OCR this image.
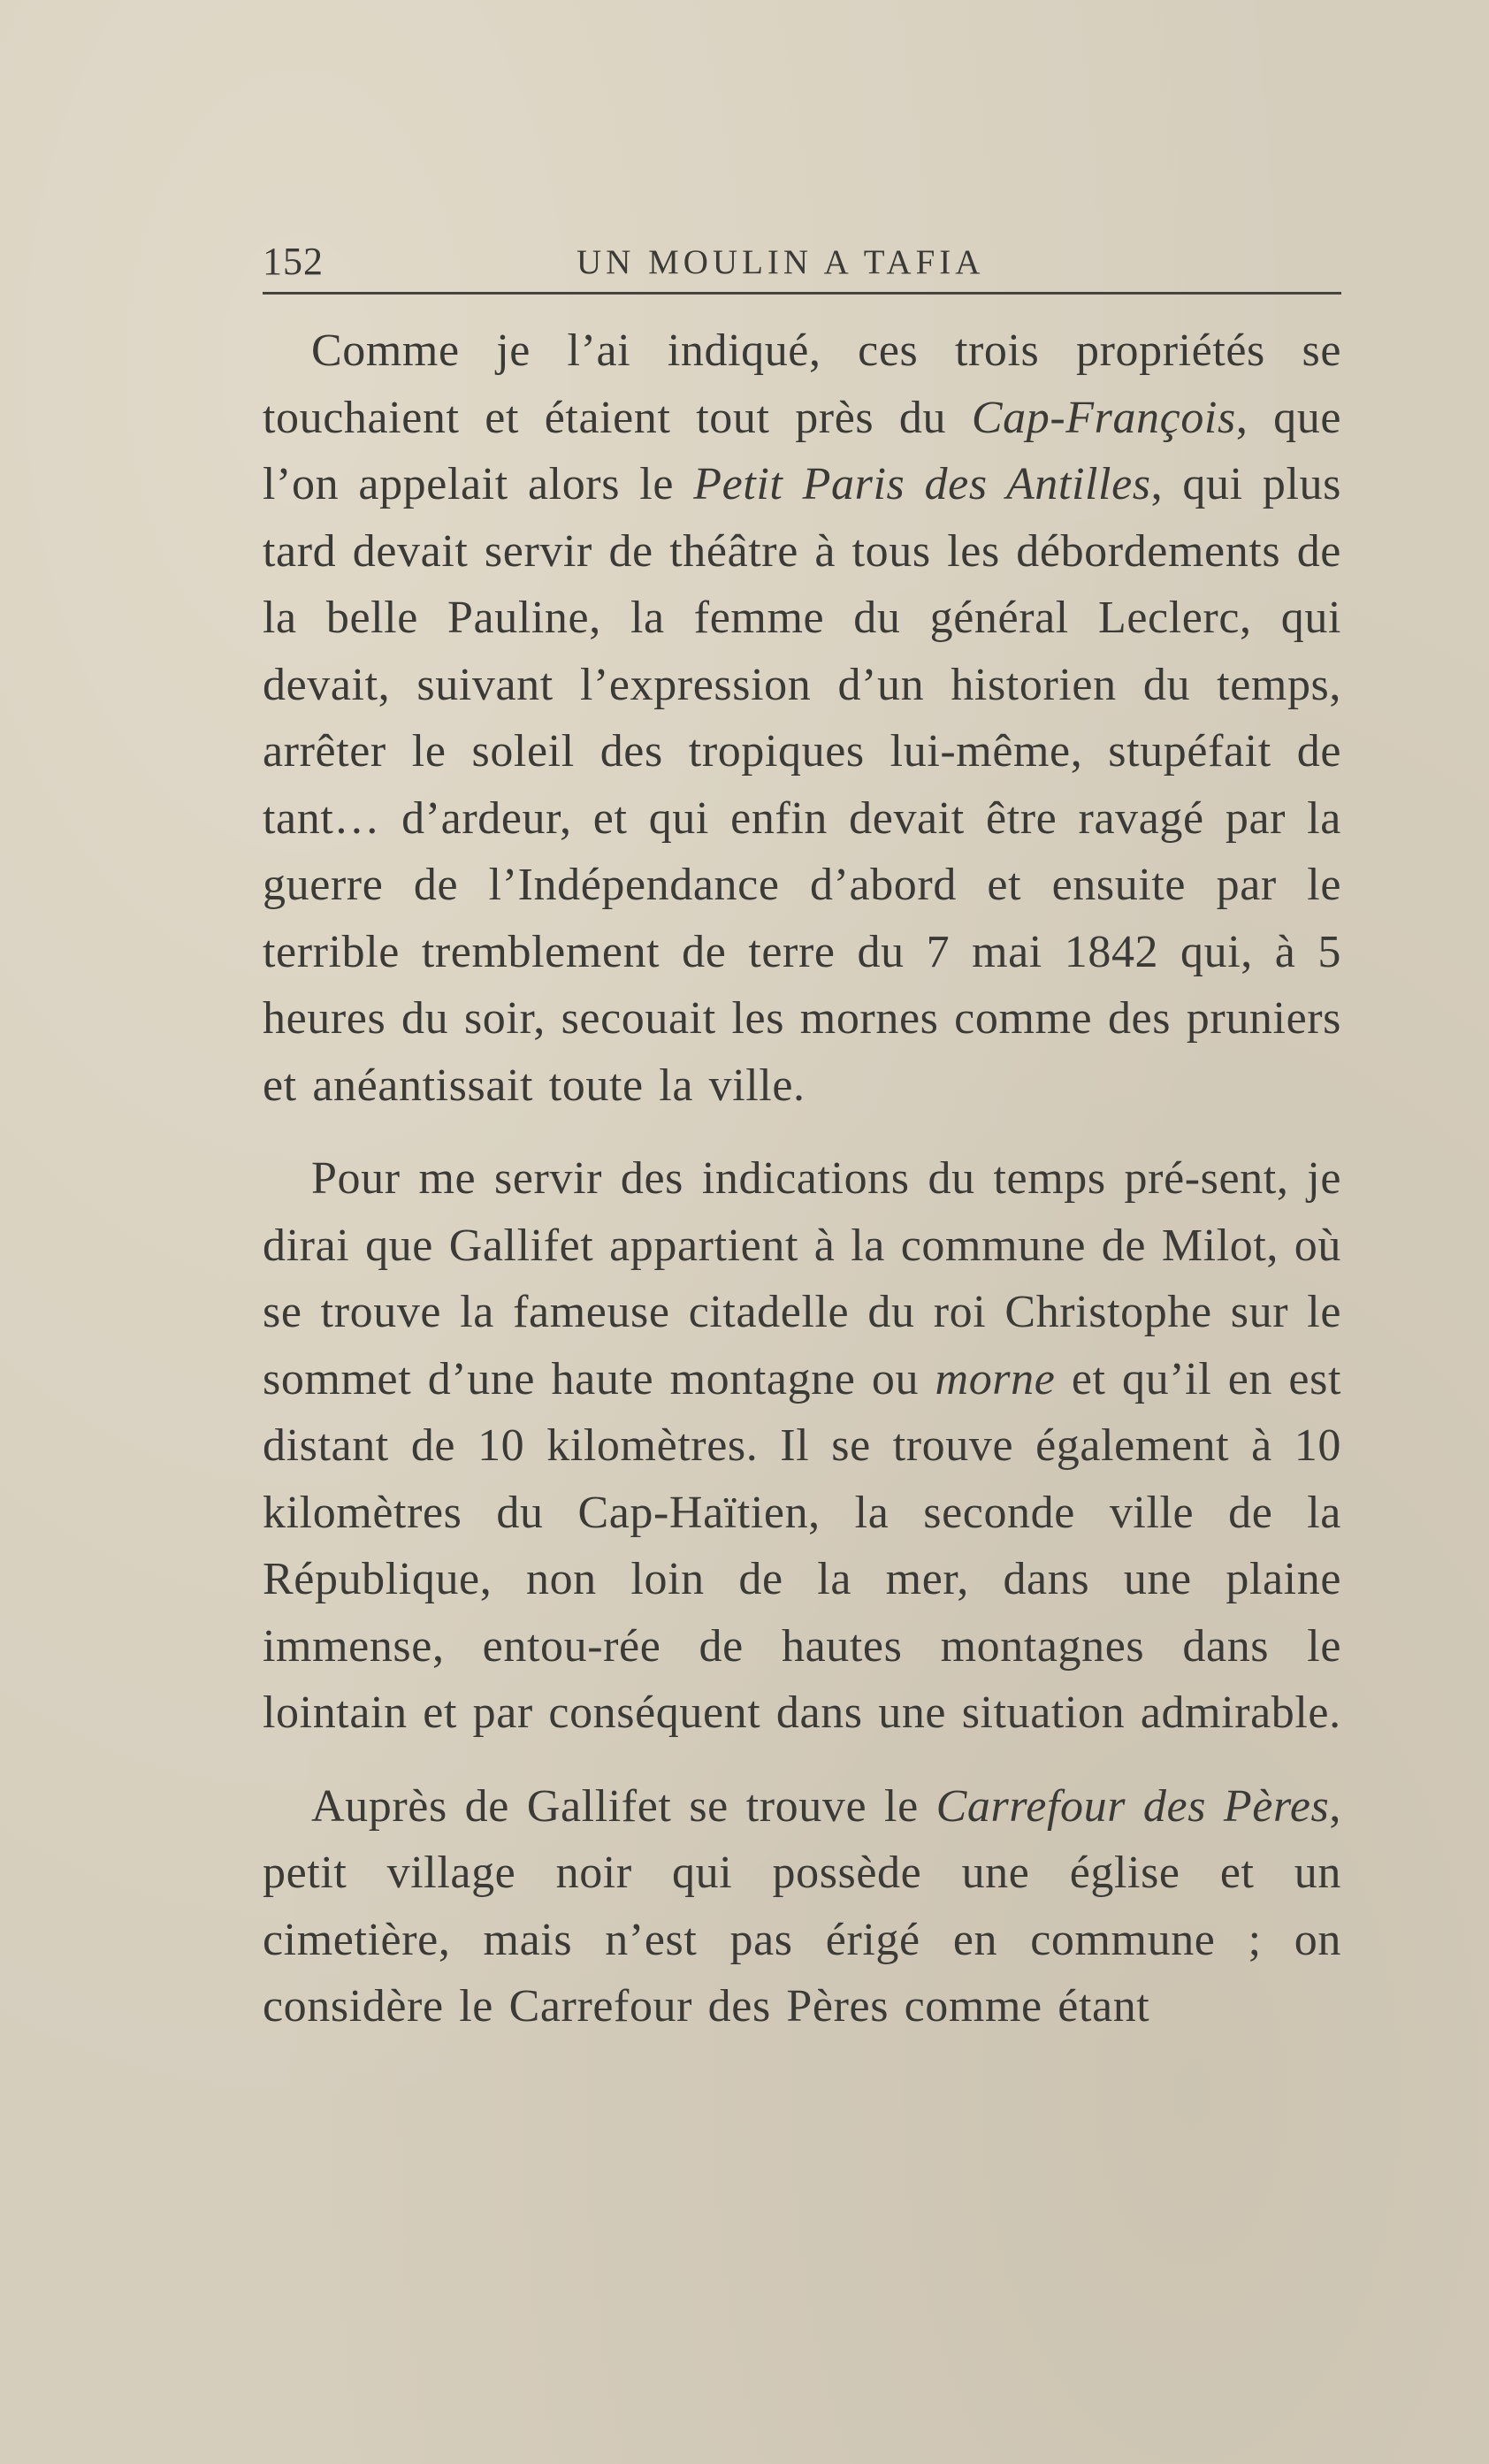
152	UN MOULIN A TAFIA

Comme je l’ai indiqué, ces trois propriétés se touchaient et étaient tout près du Cap-François, que l’on appelait alors le Petit Paris des Antilles, qui plus tard devait servir de théâtre à tous les débordements de la belle Pauline, la femme du général Leclerc, qui devait, suivant l’expression d’un historien du temps, arrêter le soleil des tropiques lui-même, stupéfait de tant… d’ardeur, et qui enfin devait être ravagé par la guerre de l’Indépendance d’abord et ensuite par le terrible tremblement de terre du 7 mai 1842 qui, à 5 heures du soir, secouait les mornes comme des pruniers et anéantissait toute la ville.

Pour me servir des indications du temps pré-sent, je dirai que Gallifet appartient à la commune de Milot, où se trouve la fameuse citadelle du roi Christophe sur le sommet d’une haute montagne ou morne et qu’il en est distant de 10 kilomètres. Il se trouve également à 10 kilomètres du Cap-Haïtien, la seconde ville de la République, non loin de la mer, dans une plaine immense, entou-rée de hautes montagnes dans le lointain et par conséquent dans une situation admirable.

Auprès de Gallifet se trouve le Carrefour des Pères, petit village noir qui possède une église et un cimetière, mais n’est pas érigé en commune ; on considère le Carrefour des Pères comme étant
